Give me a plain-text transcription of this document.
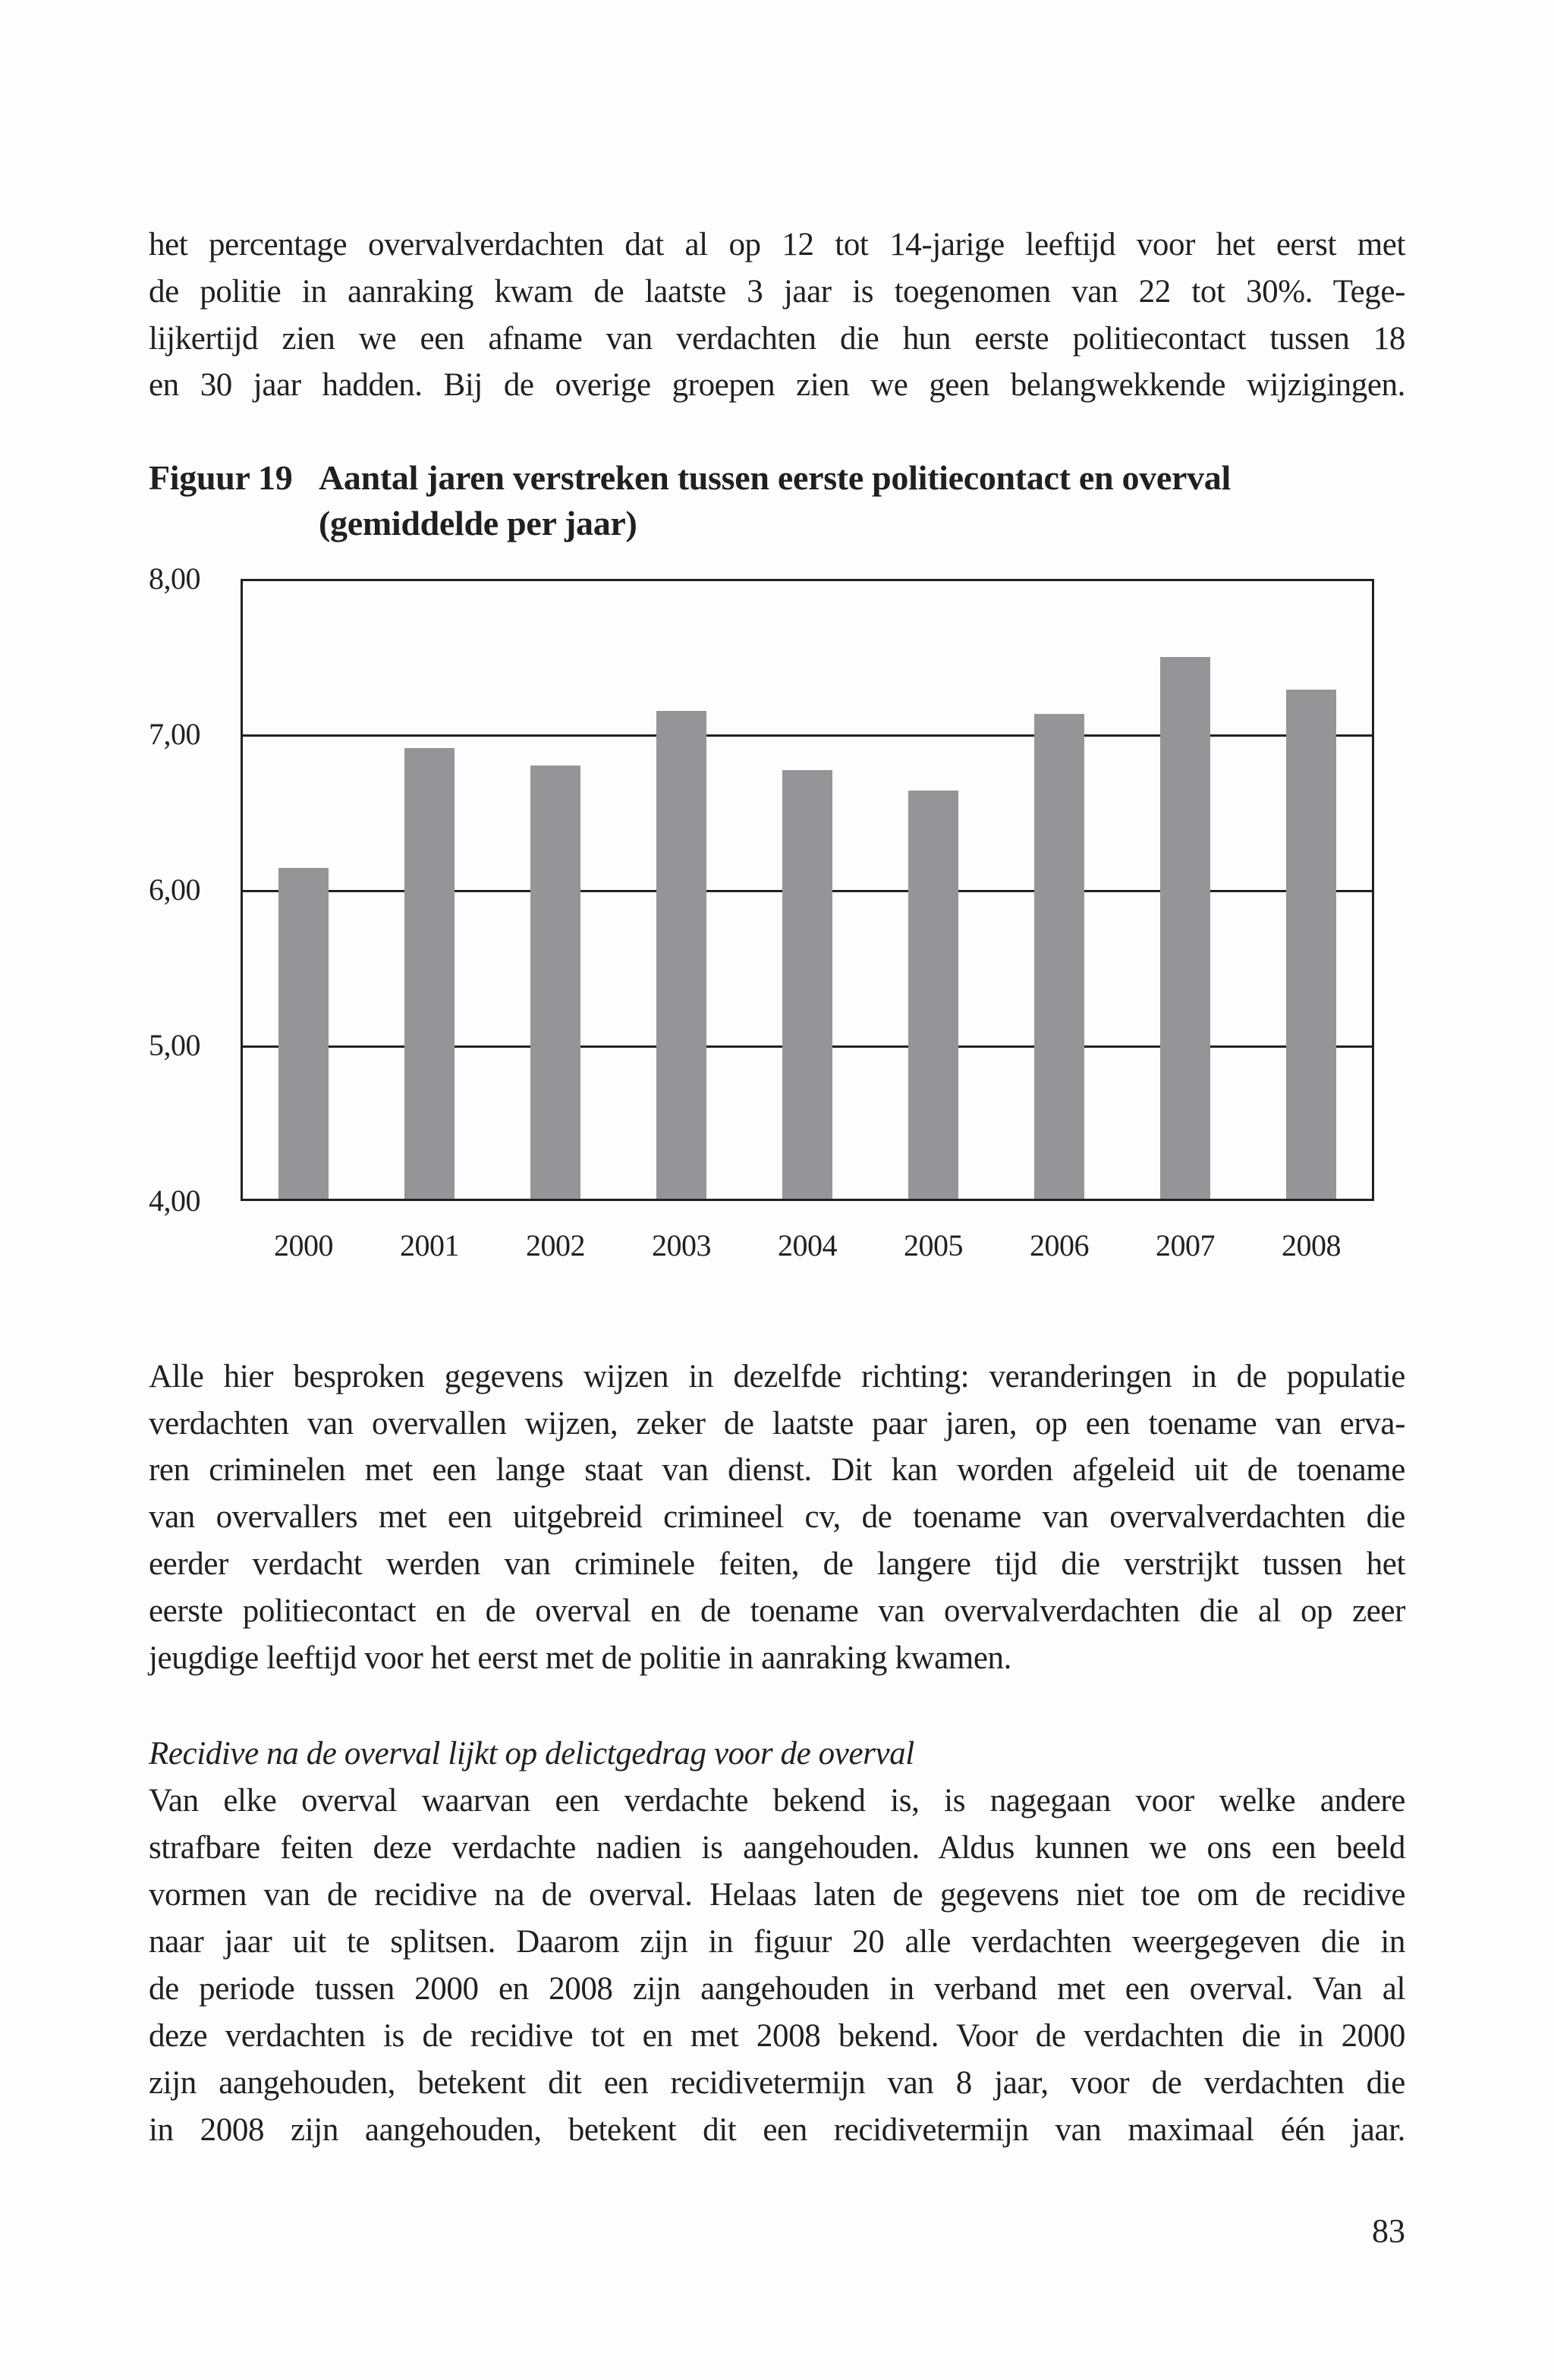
het percentage overvalverdachten dat al op 12 tot 14-jarige leeftijd voor het eerst met
de politie in aanraking kwam de laatste 3 jaar is toegenomen van 22 tot 30%. Tege-
lijkertijd zien we een afname van verdachten die hun eerste politiecontact tussen 18
en 30 jaar hadden. Bij de overige groepen zien we geen belangwekkende wijzigingen.
Figuur 19 Aantal jaren verstreken tussen eerste politiecontact en overval
(gemiddelde per jaar)
4,00
5,00
6,00
7,00
8,00
2000	2001	2002	2003	2004	2005	2006	2007	2008
Alle hier besproken gegevens wijzen in dezelfde richting: veranderingen in de populatie
verdachten van overvallen wijzen, zeker de laatste paar jaren, op een toename van erva-
ren criminelen met een lange staat van dienst. Dit kan worden afgeleid uit de toename
van overvallers met een uitgebreid crimineel cv, de toename van overvalverdachten die
eerder verdacht werden van criminele feiten, de langere tijd die verstrijkt tussen het
eerste politiecontact en de overval en de toename van overvalverdachten die al op zeer
jeugdige leeftijd voor het eerst met de politie in aanraking kwamen.
Recidive na de overval lijkt op delictgedrag voor de overval
Van elke overval waarvan een verdachte bekend is, is nagegaan voor welke andere
strafbare feiten deze verdachte nadien is aangehouden. Aldus kunnen we ons een beeld
vormen van de recidive na de overval. Helaas laten de gegevens niet toe om de recidive
naar jaar uit te splitsen. Daarom zijn in figuur 20 alle verdachten weergegeven die in
de periode tussen 2000 en 2008 zijn aangehouden in verband met een overval. Van al
deze verdachten is de recidive tot en met 2008 bekend. Voor de verdachten die in 2000
zijn aangehouden, betekent dit een recidivetermijn van 8 jaar, voor de verdachten die
in 2008 zijn aangehouden, betekent dit een recidivetermijn van maximaal één jaar.
83
